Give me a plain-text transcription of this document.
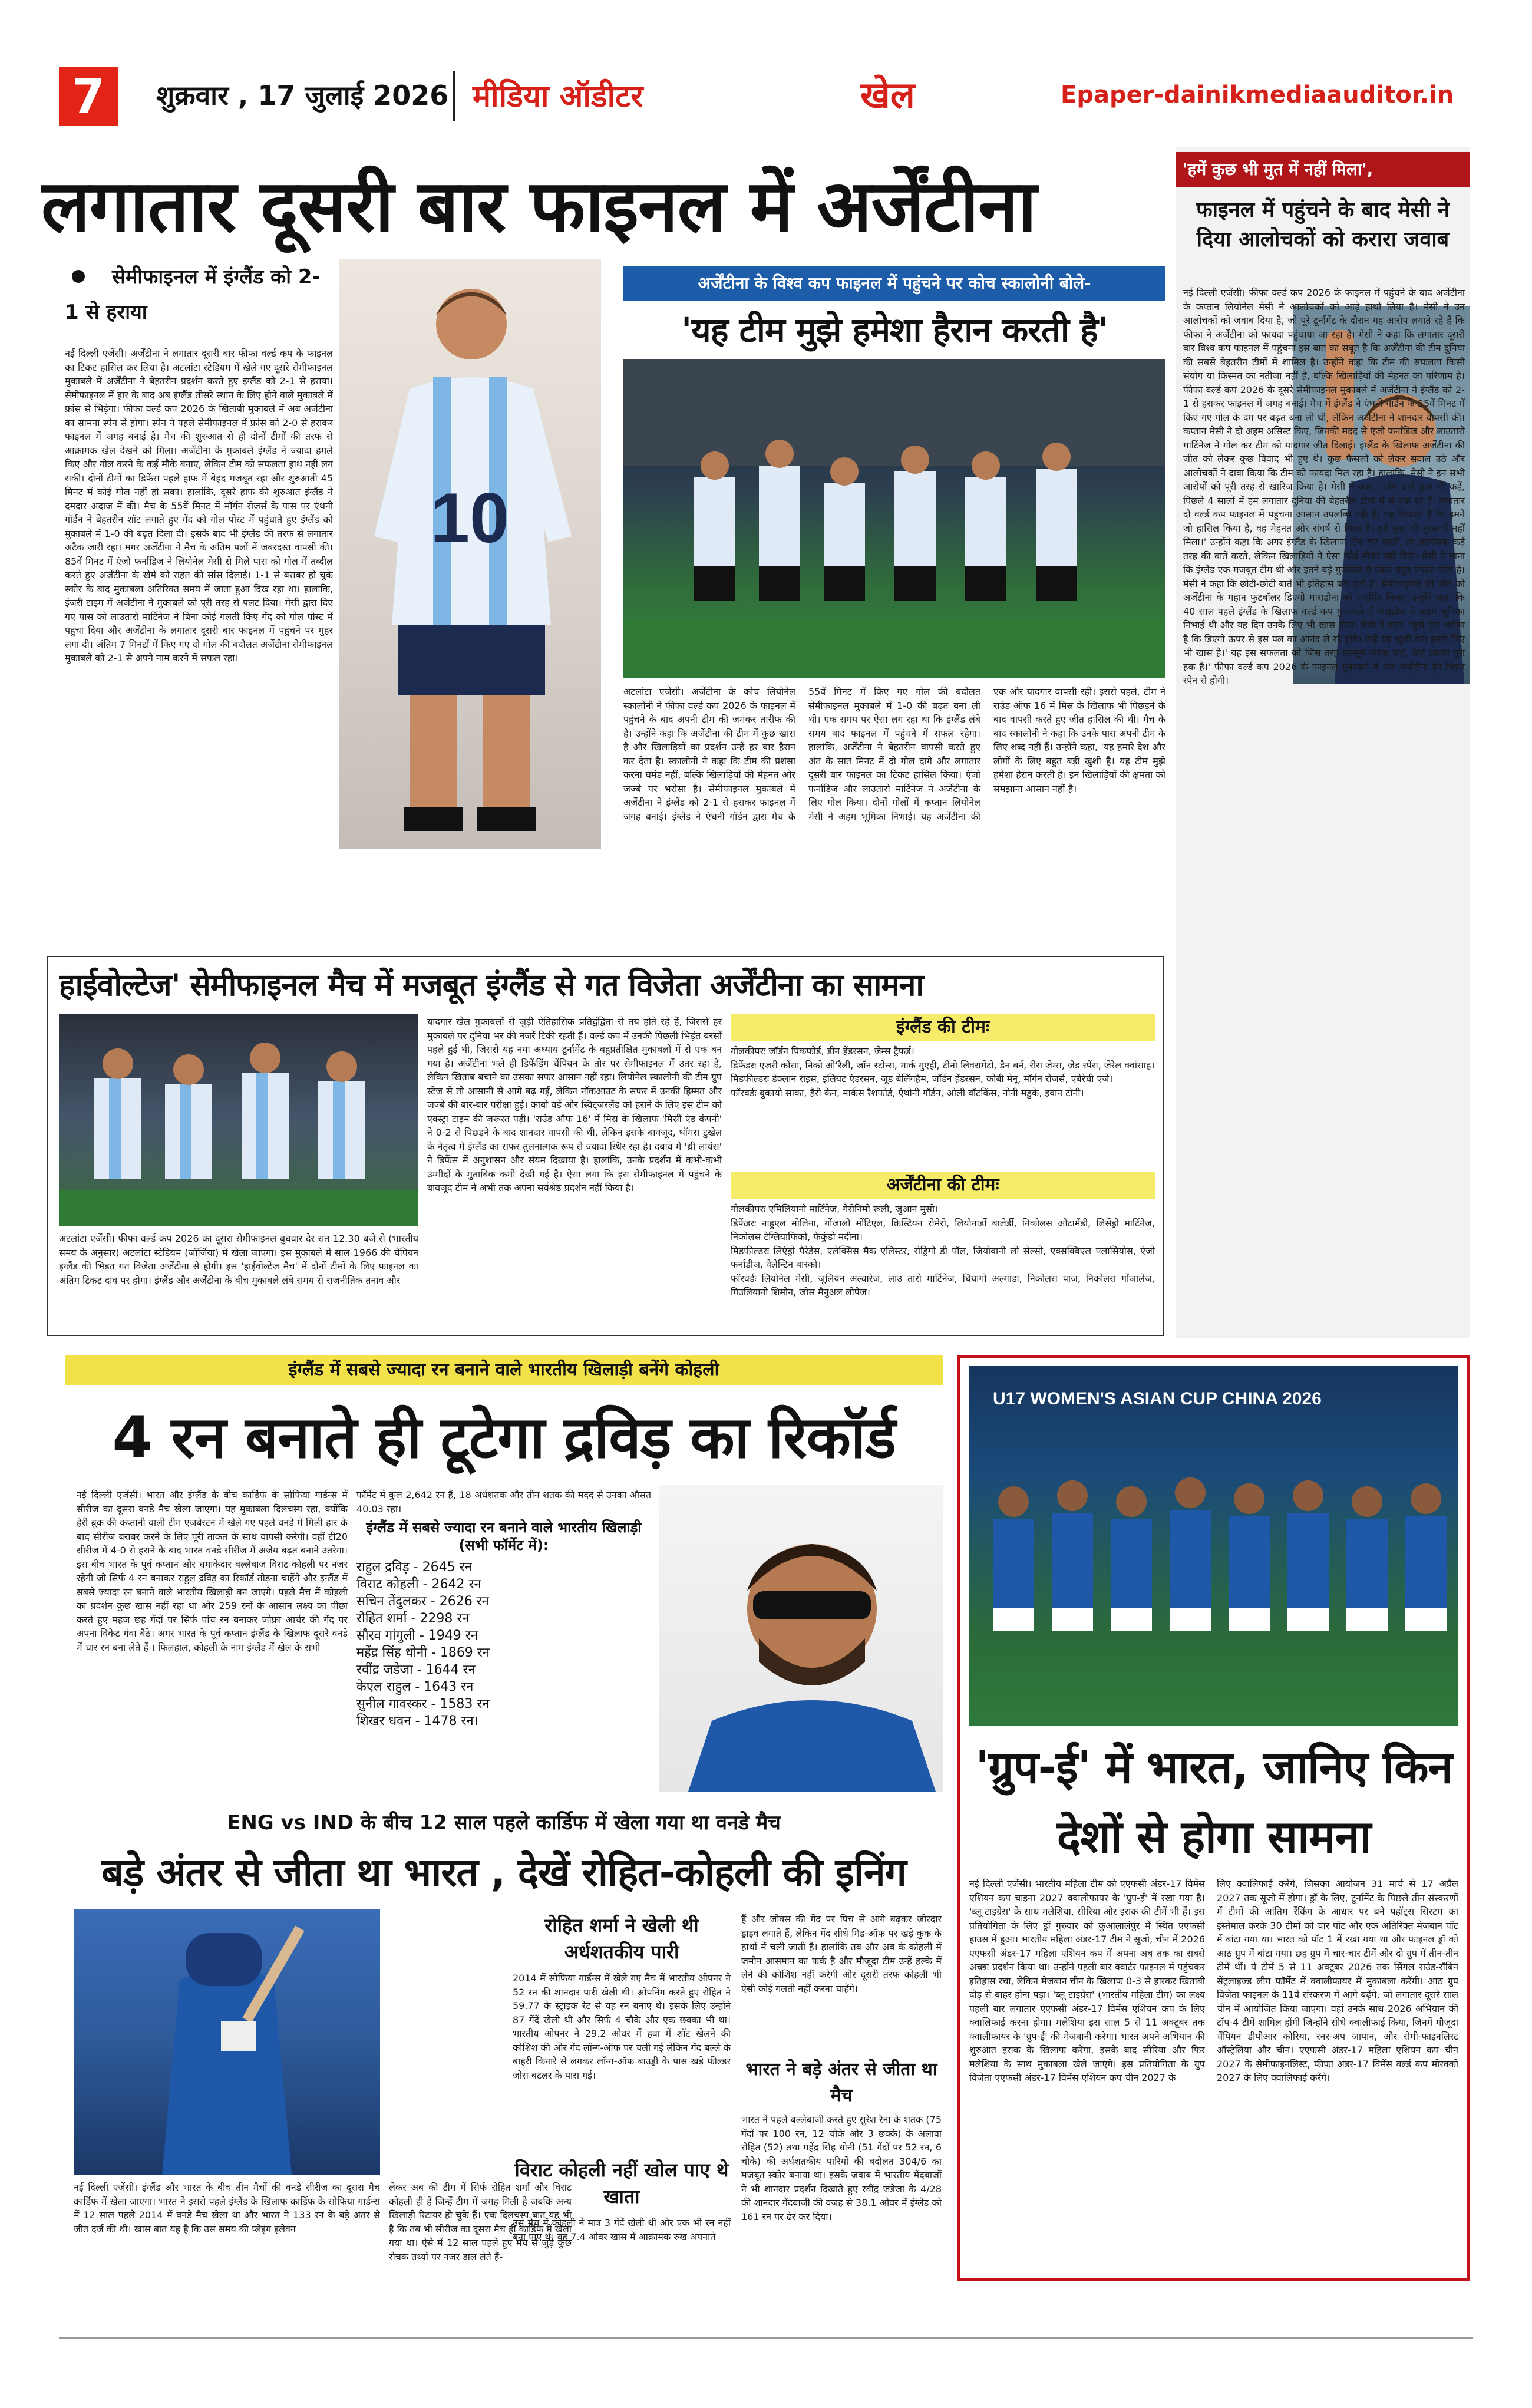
7	शुक्रवार , 17 जुलाई 2026 मीडिया ऑडीटर	खेल	Epaper-dainikmediaauditor.in
लगातार दूसरी बार फाइनल में अर्जेंटीना
सेमीफाइनल में इंग्लैंड को 2-1 से हराया
नई दिल्ली एजेंसी। अर्जेंटीना ने लगातार दूसरी बार फीफा वर्ल्ड कप के फाइनल का टिकट हासिल कर लिया है। अटलांटा स्टेडियम में खेले गए दूसरे सेमीफाइनल मुकाबले में अर्जेंटीना ने बेहतरीन प्रदर्शन करते हुए इंग्लैंड को 2-1 से हराया। सेमीफाइनल में हार के बाद अब इंग्लैंड तीसरे स्थान के लिए होने वाले मुकाबले में फ्रांस से भिड़ेगा। फीफा वर्ल्ड कप 2026 के खिताबी मुकाबले में अब अर्जेंटीना का सामना स्पेन से होगा। स्पेन ने पहले सेमीफाइनल में फ्रांस को 2-0 से हराकर फाइनल में जगह बनाई है। मैच की शुरुआत से ही दोनों टीमों की तरफ से आक्रामक खेल देखने को मिला। अर्जेंटीना के मुकाबले इंग्लैंड ने ज्यादा हमले किए और गोल करने के कई मौके बनाए, लेकिन टीम को सफलता हाथ नहीं लग सकी। दोनों टीमों का डिफेंस पहले हाफ में बेहद मजबूत रहा और शुरुआती 45 मिनट में कोई गोल नहीं हो सका। हालांकि, दूसरे हाफ की शुरुआत इंग्लैंड ने दमदार अंदाज में की। मैच के 55वें मिनट में मॉर्गन रोजर्स के पास पर एंथनी गॉर्डन ने बेहतरीन शॉट लगाते हुए गेंद को गोल पोस्ट में पहुंचाते हुए इंग्लैंड को मुकाबले में 1-0 की बढ़त दिला दी। इसके बाद भी इंग्लैंड की तरफ से लगातार अटैक जारी रहा। मगर अर्जेंटीना ने मैच के अंतिम पलों में जबरदस्त वापसी की। 85वें मिनट में एंजो फर्नांडिज ने लियोनेल मेसी से मिले पास को गोल में तब्दील करते हुए अर्जेंटीना के खेमे को राहत की सांस दिलाई। 1-1 से बराबर हो चुके स्कोर के बाद मुकाबला अतिरिक्त समय में जाता हुआ दिख रहा था। हालांकि, इंजरी टाइम में अर्जेंटीना ने मुकाबले को पूरी तरह से पलट दिया। मेसी द्वारा दिए गए पास को लाउतारो मार्टिनेज ने बिना कोई गलती किए गेंद को गोल पोस्ट में पहुंचा दिया और अर्जेंटीना के लगातार दूसरी बार फाइनल में पहुंचने पर मुहर लगा दी। अंतिम 7 मिनटों में किए गए दो गोल की बदौलत अर्जेंटीना सेमीफाइनल मुकाबले को 2-1 से अपने नाम करने में सफल रहा।
10
अर्जेंटीना के विश्व कप फाइनल में पहुंचने पर कोच स्कालोनी बोले-
'यह टीम मुझे हमेशा हैरान करती है'
अटलांटा एजेंसी। अर्जेंटीना के कोच लियोनेल स्कालोनी ने फीफा वर्ल्ड कप 2026 के फाइनल में पहुंचने के बाद अपनी टीम की जमकर तारीफ की है। उन्होंने कहा कि अर्जेंटीना की टीम में कुछ खास है और खिलाड़ियों का प्रदर्शन उन्हें हर बार हैरान कर देता है। स्कालोनी ने कहा कि टीम की प्रशंसा करना घमंड नहीं, बल्कि खिलाड़ियों की मेहनत और जज्बे पर भरोसा है। सेमीफाइनल मुकाबले में अर्जेंटीना ने इंग्लैंड को 2-1 से हराकर फाइनल में जगह बनाई। इंग्लैंड ने एंथनी गॉर्डन द्वारा मैच के 55वें मिनट में किए गए गोल की बदौलत सेमीफाइनल मुकाबले में 1-0 की बढ़त बना ली थी। एक समय पर ऐसा लग रहा था कि इंग्लैंड लंबे समय बाद फाइनल में पहुंचने में सफल रहेगा। हालांकि, अर्जेंटीना ने बेहतरीन वापसी करते हुए अंत के सात मिनट में दो गोल दागे और लगातार दूसरी बार फाइनल का टिकट हासिल किया। एंजो फर्नांडिज और लाउतारो मार्टिनेज ने अर्जेंटीना के लिए गोल किया। दोनों गोलों में कप्तान लियोनेल मेसी ने अहम भूमिका निभाई। यह अर्जेंटीना की एक और यादगार वापसी रही। इससे पहले, टीम ने राउंड ऑफ 16 में मिस्र के खिलाफ भी पिछड़ने के बाद वापसी करते हुए जीत हासिल की थी। मैच के बाद स्कालोनी ने कहा कि उनके पास अपनी टीम के लिए शब्द नहीं हैं। उन्होंने कहा, 'यह हमारे देश और लोगों के लिए बहुत बड़ी खुशी है। यह टीम मुझे हमेशा हैरान करती है। इन खिलाड़ियों की क्षमता को समझाना आसान नहीं है।
'हमें कुछ भी मुत में नहीं मिला',
फाइनल में पहुंचने के बाद मेसी ने दिया आलोचकों को करारा जवाब
नई दिल्ली एजेंसी। फीफा वर्ल्ड कप 2026 के फाइनल में पहुंचने के बाद अर्जेंटीना के कप्तान लियोनेल मेसी ने आलोचकों को आड़े हाथों लिया है। मेसी ने उन आलोचकों को जवाब दिया है, जो पूरे टूर्नामेंट के दौरान यह आरोप लगाते रहे हैं कि फीफा ने अर्जेंटीना को फायदा पहुंचाया जा रहा है। मेसी ने कहा कि लगातार दूसरी बार विश्व कप फाइनल में पहुंचना इस बात का सबूत है कि अर्जेंटीना की टीम दुनिया की सबसे बेहतरीन टीमों में शामिल है। उन्होंने कहा कि टीम की सफलता किसी संयोग या किस्मत का नतीजा नहीं है, बल्कि खिलाड़ियों की मेहनत का परिणाम है। फीफा वर्ल्ड कप 2026 के दूसरे सेमीफाइनल मुकाबले में अर्जेंटीना ने इंग्लैंड को 2-1 से हराकर फाइनल में जगह बनाई। मैच में इंग्लैंड ने एंथनी गॉर्डन के 55वें मिनट में किए गए गोल के दम पर बढ़त बना ली थी, लेकिन अर्जेंटीना ने शानदार वापसी की। कप्तान मेसी ने दो अहम असिस्ट किए, जिनकी मदद से एंजो फर्नांडिज और लाउतारो मार्टिनेज ने गोल कर टीम को यादगार जीत दिलाई। इंग्लैंड के खिलाफ अर्जेंटीना की जीत को लेकर कुछ विवाद भी हुए थे। कुछ फैसलों को लेकर सवाल उठे और आलोचकों ने दावा किया कि टीम को फायदा मिल रहा है। हालांकि, मेसी ने इन सभी आरोपों को पूरी तरह से खारिज किया है। मेसी ने कहा, 'लोग चाहे कुछ भी कहें, पिछले 4 सालों में हम लगातार दुनिया की बेहतरीन टीमों में से एक रहे हैं। लगातार दो वर्ल्ड कप फाइनल में पहुंचना आसान उपलब्धि नहीं है। यह दिखाता है कि हमने जो हासिल किया है, वह मेहनत और संघर्ष से मिला है। हमें कुछ भी मुफ्त में नहीं मिला।' उन्होंने कहा कि अगर इंग्लैंड के खिलाफ टीम हार जाती, तो आलोचक कई तरह की बातें करते, लेकिन खिलाड़ियों ने ऐसा कोई मौका नहीं दिया। मेसी ने माना कि इंग्लैंड एक मजबूत टीम थी और इतने बड़े मुकाबले में दबाव बहुत ज्यादा होता है। मेसी ने कहा कि छोटी-छोटी बातें भी इतिहास बना देती हैं। सेमीफाइनल की जीत को अर्जेंटीना के महान फुटबॉलर डिएगो माराडोना को समर्पित किया। उन्होंने कहा कि 40 साल पहले इंग्लैंड के खिलाफ वर्ल्ड कप मुकाबले में माराडोना ने अहम भूमिका निभाई थी और यह दिन उनके लिए भी खास होता। मेसी ने कहा, 'मुझे पूरा भरोसा है कि डिएगो ऊपर से इस पल का आनंद ले रहे होंगे। उन्हें यह खुशी देना हमारे लिए भी खास है।' यह इस सफलता को जिस तरह महसूस करना चाहें, उन्हें इसका पूरा हक है।' फीफा वर्ल्ड कप 2026 के फाइनल मुकाबले में अब अर्जेंटीना की भिड़ंत स्पेन से होगी।
हाईवोल्टेज' सेमीफाइनल मैच में मजबूत इंग्लैंड से गत विजेता अर्जेंटीना का सामना
अटलांटा एजेंसी। फीफा वर्ल्ड कप 2026 का दूसरा सेमीफाइनल बुधवार देर रात 12.30 बजे से (भारतीय समय के अनुसार) अटलांटा स्टेडियम (जॉर्जिया) में खेला जाएगा। इस मुकाबले में साल 1966 की चैंपियन इंग्लैंड की भिड़ंत गत विजेता अर्जेंटीना से होगी। इस 'हाईवोल्टेज मैच' में दोनों टीमों के लिए फाइनल का अंतिम टिकट दांव पर होगा। इंग्लैंड और अर्जेंटीना के बीच मुकाबले लंबे समय से राजनीतिक तनाव और
यादगार खेल मुकाबलों से जुड़ी ऐतिहासिक प्रतिद्वंद्विता से तय होते रहे हैं, जिससे हर मुकाबले पर दुनिया भर की नजरें टिकी रहती हैं। वर्ल्ड कप में उनकी पिछली भिड़ंत बरसों पहले हुई थी, जिससे यह नया अध्याय टूर्नामेंट के बहुप्रतीक्षित मुकाबलों में से एक बन गया है। अर्जेंटीना भले ही डिफेंडिंग चैंपियन के तौर पर सेमीफाइनल में उतर रहा है, लेकिन खिताब बचाने का उसका सफर आसान नहीं रहा। लियोनेल स्कालोनी की टीम ग्रुप स्टेज से तो आसानी से आगे बढ़ गई, लेकिन नॉकआउट के सफर में उनकी हिम्मत और जज्बे की बार-बार परीक्षा हुई। काबो वर्डे और स्विट्जरलैंड को हराने के लिए इस टीम को एक्स्ट्रा टाइम की जरूरत पड़ी। 'राउंड ऑफ 16' में मिस्र के खिलाफ 'मिस्री एंड कंपनी' ने 0-2 से पिछड़ने के बाद शानदार वापसी की थी, लेकिन इसके बावजूद, थॉमस टुखेल के नेतृत्व में इंग्लैंड का सफर तुलनात्मक रूप से ज्यादा स्थिर रहा है। दबाव में 'थ्री लायंस' ने डिफेंस में अनुशासन और संयम दिखाया है। हालांकि, उनके प्रदर्शन में कभी-कभी उम्मीदों के मुताबिक कमी देखी गई है। ऐसा लगा कि इस सेमीफाइनल में पहुंचने के बावजूद टीम ने अभी तक अपना सर्वश्रेष्ठ प्रदर्शन नहीं किया है।
इंग्लैंड की टीमः

गोलकीपरः जॉर्डन पिकफोर्ड, डीन हेंडरसन, जेम्स ट्रैफर्ड।

डिफेंडरः एजरी कोंसा, निको ओ'रैली, जॉन स्टोन्स, मार्क गुएही, टीनो लिवरामेंटो, डैन बर्न, रीस जेम्स, जेड स्पेंस, जेरेल क्वांसाह।

मिडफील्डरः डेक्लान राइस, इलियट एंडरसन, जूड बेलिंगहैम, जॉर्डन हेंडरसन, कोबी मेनू, मॉर्गन रोजर्स, एबेरेची एजे।

फॉरवर्डः बुकायो साका, हैरी केन, मार्कस रैशफोर्ड, एंथोनी गॉर्डन, ओली वॉटकिंस, नोनी मडुके, इवान टोनी।

अर्जेंटीना की टीमः

गोलकीपरः एमिलियानो मार्टिनेज, गेरोनिमो रूली, जुआन मुसो।

डिफेंडरः नाहुएल मोलिना, गोंजालो मोंटिएल, क्रिस्टियन रोमेरो, लियोनार्डो बालेर्डी, निकोलस ओटामेंडी, लिसेंड्रो मार्टिनेज, निकोलस टैग्लियाफिको, फैकुंडो मदीना।

मिडफील्डरः लिएंड्रो पैरेडेस, एलेक्सिस मैक एलिस्टर, रोड्रिगो डी पॉल, जियोवानी लो सेल्सो, एक्सक्विएल पलासियोस, एंजो फर्नांडीज, वैलेन्टिन बारको।

फॉरवर्डः लियोनेल मेसी, जूलियन अल्वारेज, लाउ तारो मार्टिनेज, थियागो अल्माडा, निकोलस पाज, निकोलस गोंजालेज, गिउलियानो शिमोन, जोस मैनुअल लोपेज।

इंग्लैंड में सबसे ज्यादा रन बनाने वाले भारतीय खिलाड़ी बनेंगे कोहली
4 रन बनाते ही टूटेगा द्रविड़ का रिकॉर्ड
नई दिल्ली एजेंसी। भारत और इंग्लैंड के बीच कार्डिफ के सोफिया गार्डन्स में सीरीज का दूसरा वनडे मैच खेला जाएगा। यह मुकाबला दिलचस्प रहा, क्योंकि हैरी ब्रूक की कप्तानी वाली टीम एजबेस्टन में खेले गए पहले वनडे में मिली हार के बाद सीरीज बराबर करने के लिए पूरी ताकत के साथ वापसी करेगी। वहीं टी20 सीरीज में 4-0 से हराने के बाद भारत वनडे सीरीज में अजेय बढ़त बनाने उतरेगा। इस बीच भारत के पूर्व कप्तान और धमाकेदार बल्लेबाज विराट कोहली पर नजर रहेगी जो सिर्फ 4 रन बनाकर राहुल द्रविड़ का रिकॉर्ड तोड़ना चाहेंगे और इंग्लैंड में सबसे ज्यादा रन बनाने वाले भारतीय खिलाड़ी बन जाएंगे। पहले मैच में कोहली का प्रदर्शन कुछ खास नहीं रहा था और 259 रनों के आसान लक्ष्य का पीछा करते हुए महज छह गेंदों पर सिर्फ पांच रन बनाकर जोफ्रा आर्चर की गेंद पर अपना विकेट गंवा बैठे। अगर भारत के पूर्व कप्तान इंग्लैंड के खिलाफ दूसरे वनडे में चार रन बना लेते हैं । फिलहाल, कोहली के नाम इंग्लैंड में खेल के सभी
फॉर्मेट में कुल 2,642 रन हैं, 18 अर्धशतक और तीन शतक की मदद से उनका औसत 40.03 रहा।
इंग्लैंड में सबसे ज्यादा रन बनाने वाले भारतीय खिलाड़ी (सभी फॉर्मेट में):
राहुल द्रविड़ - 2645 रन
विराट कोहली - 2642 रन
सचिन तेंदुलकर - 2626 रन
रोहित शर्मा - 2298 रन
सौरव गांगुली - 1949 रन
महेंद्र सिंह धोनी - 1869 रन
रवींद्र जडेजा - 1644 रन
केएल राहुल - 1643 रन
सुनील गावस्कर - 1583 रन
शिखर धवन - 1478 रन।
ENG vs IND के बीच 12 साल पहले कार्डिफ में खेला गया था वनडे मैच
बड़े अंतर से जीता था भारत , देखें रोहित-कोहली की इनिंग
नई दिल्ली एजेंसी। इंग्लैंड और भारत के बीच तीन मैचों की वनडे सीरीज का दूसरा मैच कार्डिफ में खेला जाएगा। भारत ने इससे पहले इंग्लैंड के खिलाफ कार्डिफ के सोफिया गार्डन्स में 12 साल पहले 2014 में वनडे मैच खेला था और भारत ने 133 रन के बड़े अंतर से जीत दर्ज की थी। खास बात यह है कि उस समय की प्लेइंग इलेवन
लेकर अब की टीम में सिर्फ रोहित शर्मा और विराट कोहली ही हैं जिन्हें टीम में जगह मिली है जबकि अन्य खिलाड़ी रिटायर हो चुके हैं। एक दिलचस्प बात यह भी है कि तब भी सीरीज का दूसरा मैच ही कार्डिफ में खेला गया था। ऐसे में 12 साल पहले हुए मैच से जुड़े कुछ रोचक तथ्यों पर नजर डाल लेते हैं-
रोहित शर्मा ने खेली थी अर्धशतकीय पारी
2014 में सोफिया गार्डन्स में खेले गए मैच में भारतीय ओपनर ने 52 रन की शानदार पारी खेली थी। ओपनिंग करते हुए रोहित ने 59.77 के स्ट्राइक रेट से यह रन बनाए थे। इसके लिए उन्होंने 87 गेंदें खेली थी और सिर्फ 4 चौके और एक छक्का भी था। भारतीय ओपनर ने 29.2 ओवर में हवा में शॉट खेलने की कोशिश की और गेंद लॉन्ग-ऑफ पर चली गई लेकिन गेंद बल्ले के बाहरी किनारे से लगकर लॉन्ग-ऑफ बाउंड्री के पास खड़े फील्डर जोस बटलर के पास गई।
विराट कोहली नहीं खोल पाए थे खाता
उस मैच में कोहली ने मात्र 3 गेंदें खेली थी और एक भी रन नहीं बना पाए थे। वह 7.4 ओवर खास में आक्रामक रुख अपनाते
हैं और जोक्स की गेंद पर पिच से आगे बढ़कर जोरदार ड्राइव लगाते हैं, लेकिन गेंद सीधे मिड-ऑफ पर खड़े कुक के हाथों में चली जाती है। हालांकि तब और अब के कोहली में जमीन आसमान का फर्क है और मौजूदा टीम उन्हें हल्के में लेने की कोशिश नहीं करेगी और दूसरी तरफ कोहली भी ऐसी कोई गलती नहीं करना चाहेंगे।
भारत ने बड़े अंतर से जीता था मैच
भारत ने पहले बल्लेबाजी करते हुए सुरेश रैना के शतक (75 गेंदों पर 100 रन, 12 चौके और 3 छक्के) के अलावा रोहित (52) तथा महेंद्र सिंह धोनी (51 गेंदों पर 52 रन, 6 चौके) की अर्धशतकीय पारियों की बदौलत 304/6 का मजबूत स्कोर बनाया था। इसके जवाब में भारतीय मेंदबाजों ने भी शानदार प्रदर्शन दिखाते हुए रवींद्र जडेजा के 4/28 की शानदार गेंदबाजी की वजह से 38.1 ओवर में इंग्लैंड को 161 रन पर ढेर कर दिया।
U17 WOMEN'S ASIAN CUP CHINA 2026
'ग्रुप-ई' में भारत, जानिए किन देशों से होगा सामना
नई दिल्ली एजेंसी। भारतीय महिला टीम को एएफसी अंडर-17 विमेंस एशियन कप चाइना 2027 क्वालीफायर के 'ग्रुप-ई' में रखा गया है। 'ब्लू टाइग्रेस' के साथ मलेशिया, सीरिया और इराक की टीमें भी हैं। इस प्रतियोगिता के लिए ड्रॉ गुरुवार को कुआलालंपुर में स्थित एएफसी हाउस में हुआ। भारतीय महिला अंडर-17 टीम ने सूजो, चीन में 2026 एएफसी अंडर-17 महिला एशियन कप में अपना अब तक का सबसे अच्छा प्रदर्शन किया था। उन्होंने पहली बार क्वार्टर फाइनल में पहुंचकर इतिहास रचा, लेकिन मेजबान चीन के खिलाफ 0-3 से हारकर खिताबी दौड़ से बाहर होना पड़ा। 'ब्लू टाइग्रेस' (भारतीय महिला टीम) का लक्ष्य पहली बार लगातार एएफसी अंडर-17 विमेंस एशियन कप के लिए क्वालिफाई करना होगा। मलेशिया इस साल 5 से 11 अक्टूबर तक क्वालीफायर के 'ग्रुप-ई' की मेजबानी करेगा। भारत अपने अभियान की शुरुआत इराक के खिलाफ करेगा, इसके बाद सीरिया और फिर मलेशिया के साथ मुकाबला खेले जाएंगे। इस प्रतियोगिता के ग्रुप विजेता एएफसी अंडर-17 विमेंस एशियन कप चीन 2027 के
लिए क्वालिफाई करेंगे, जिसका आयोजन 31 मार्च से 17 अप्रैल 2027 तक सूजो में होगा। ड्रॉ के लिए, टूर्नामेंट के पिछले तीन संस्करणों में टीमों की आंतिम रैंकिंग के आधार पर बने पहॉट्स सिस्टम का इस्तेमाल करके 30 टीमों को चार पॉट और एक अतिरिक्त मेजबान पॉट में बांटा गया था। भारत को पॉट 1 में रखा गया था और फाइनल ड्रॉ को आठ ग्रुप में बांटा गया। छह ग्रुप में चार-चार टीमें और दो ग्रुप में तीन-तीन टीमें थीं। ये टीमें 5 से 11 अक्टूबर 2026 तक सिंगल राउंड-रॉबिन सेंट्रलाइज्ड लीग फॉर्मेट में क्वालीफायर में मुकाबला करेंगी। आठ ग्रुप विजेता फाइनल के 11वें संस्करण में आगे बढ़ेंगे, जो लगातार दूसरे साल चीन में आयोजित किया जाएगा। वहां उनके साथ 2026 अभियान की टॉप-4 टीमें शामिल होंगी जिन्होंने सीधे क्वालीफाई किया, जिनमें मौजूदा चैंपियन डीपीआर कोरिया, रनर-अप जापान, और सेमी-फाइनलिस्ट ऑस्ट्रेलिया और चीन। एएफसी अंडर-17 महिला एशियन कप चीन 2027 के सेमीफाइनलिस्ट, फीफा अंडर-17 विमेंस वर्ल्ड कप मोरक्को 2027 के लिए क्वालिफाई करेंगे।
